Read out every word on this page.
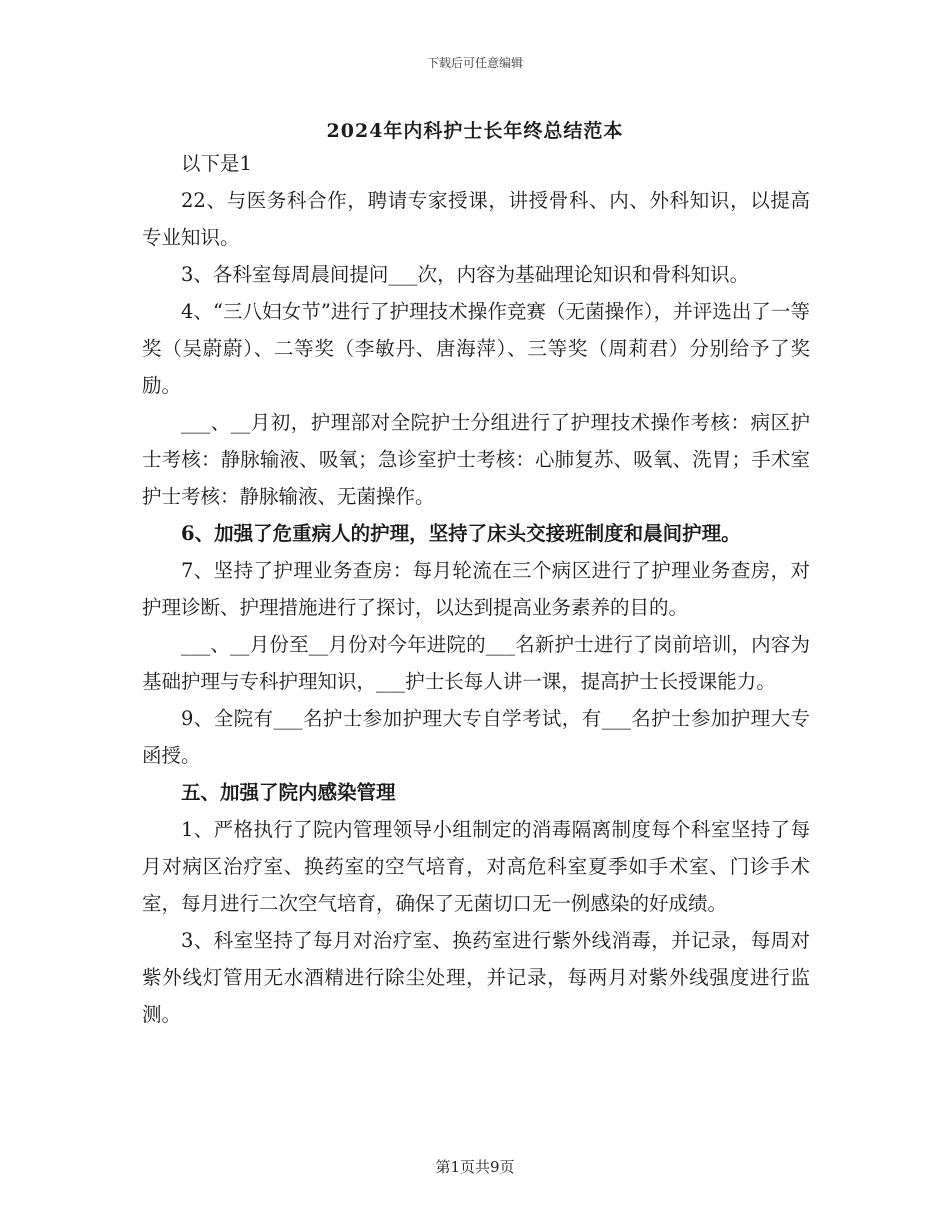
下载后可任意编辑
2024年内科护士长年终总结范本

以下是1

22、与医务科合作，聘请专家授课，讲授骨科、内、外科知识，以提高专业知识。

3、各科室每周晨间提问___次，内容为基础理论知识和骨科知识。

4、“三八妇女节”进行了护理技术操作竞赛（无菌操作），并评选出了一等奖（吴蔚蔚）、二等奖（李敏丹、唐海萍）、三等奖（周莉君）分别给予了奖励。

___、__月初，护理部对全院护士分组进行了护理技术操作考核：病区护士考核：静脉输液、吸氧；急诊室护士考核：心肺复苏、吸氧、洗胃；手术室护士考核：静脉输液、无菌操作。

6、加强了危重病人的护理，坚持了床头交接班制度和晨间护理。

7、坚持了护理业务查房：每月轮流在三个病区进行了护理业务查房，对护理诊断、护理措施进行了探讨，以达到提高业务素养的目的。

___、__月份至__月份对今年进院的___名新护士进行了岗前培训，内容为基础护理与专科护理知识，___护士长每人讲一课，提高护士长授课能力。

9、全院有___名护士参加护理大专自学考试，有___名护士参加护理大专函授。

五、加强了院内感染管理

1、严格执行了院内管理领导小组制定的消毒隔离制度每个科室坚持了每月对病区治疗室、换药室的空气培育，对高危科室夏季如手术室、门诊手术室，每月进行二次空气培育，确保了无菌切口无一例感染的好成绩。

3、科室坚持了每月对治疗室、换药室进行紫外线消毒，并记录，每周对紫外线灯管用无水酒精进行除尘处理，并记录，每两月对紫外线强度进行监测。

第1页共9页
